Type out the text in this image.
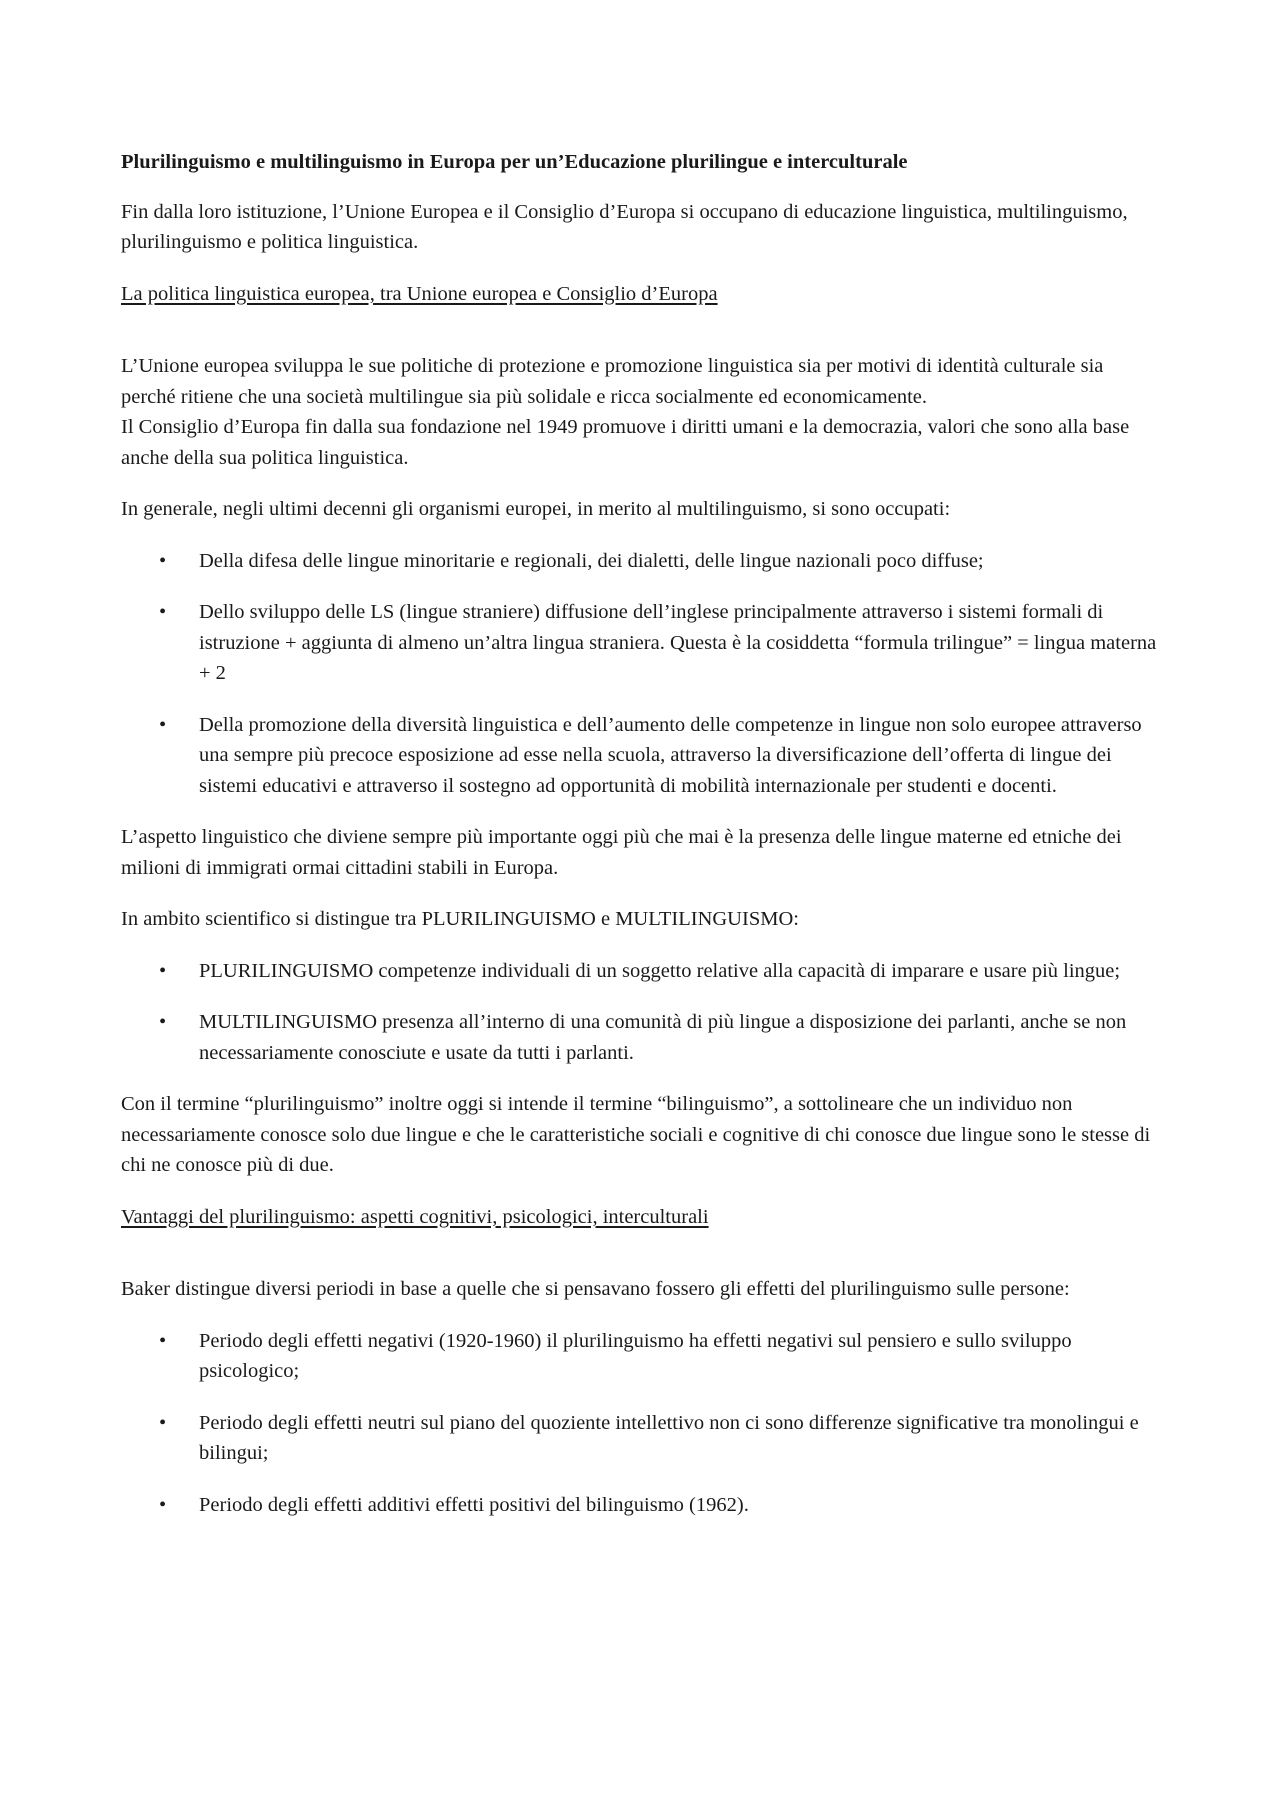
Plurilinguismo e multilinguismo in Europa per un’Educazione plurilingue e interculturale

Fin dalla loro istituzione, l’Unione Europea e il Consiglio d’Europa si occupano di educazione linguistica, multilinguismo, plurilinguismo e politica linguistica.

La politica linguistica europea, tra Unione europea e Consiglio d’Europa

L’Unione europea sviluppa le sue politiche di protezione e promozione linguistica sia per motivi di identità culturale sia perché ritiene che una società multilingue sia più solidale e ricca socialmente ed economicamente.
Il Consiglio d’Europa fin dalla sua fondazione nel 1949 promuove i diritti umani e la democrazia, valori che sono alla base anche della sua politica linguistica.

In generale, negli ultimi decenni gli organismi europei, in merito al multilinguismo, si sono occupati:

• Della difesa delle lingue minoritarie e regionali, dei dialetti, delle lingue nazionali poco diffuse;
• Dello sviluppo delle LS (lingue straniere) diffusione dell’inglese principalmente attraverso i sistemi formali di istruzione + aggiunta di almeno un’altra lingua straniera. Questa è la cosiddetta “formula trilingue” = lingua materna + 2
• Della promozione della diversità linguistica e dell’aumento delle competenze in lingue non solo europee attraverso una sempre più precoce esposizione ad esse nella scuola, attraverso la diversificazione dell’offerta di lingue dei sistemi educativi e attraverso il sostegno ad opportunità di mobilità internazionale per studenti e docenti.

L’aspetto linguistico che diviene sempre più importante oggi più che mai è la presenza delle lingue materne ed etniche dei milioni di immigrati ormai cittadini stabili in Europa.

In ambito scientifico si distingue tra PLURILINGUISMO e MULTILINGUISMO:

• PLURILINGUISMO competenze individuali di un soggetto relative alla capacità di imparare e usare più lingue;
• MULTILINGUISMO presenza all’interno di una comunità di più lingue a disposizione dei parlanti, anche se non necessariamente conosciute e usate da tutti i parlanti.

Con il termine “plurilinguismo” inoltre oggi si intende il termine “bilinguismo”, a sottolineare che un individuo non necessariamente conosce solo due lingue e che le caratteristiche sociali e cognitive di chi conosce due lingue sono le stesse di chi ne conosce più di due.

Vantaggi del plurilinguismo: aspetti cognitivi, psicologici, interculturali

Baker distingue diversi periodi in base a quelle che si pensavano fossero gli effetti del plurilinguismo sulle persone:

• Periodo degli effetti negativi (1920-1960) il plurilinguismo ha effetti negativi sul pensiero e sullo sviluppo psicologico;
• Periodo degli effetti neutri sul piano del quoziente intellettivo non ci sono differenze significative tra monolingui e bilingui;
• Periodo degli effetti additivi effetti positivi del bilinguismo (1962).
